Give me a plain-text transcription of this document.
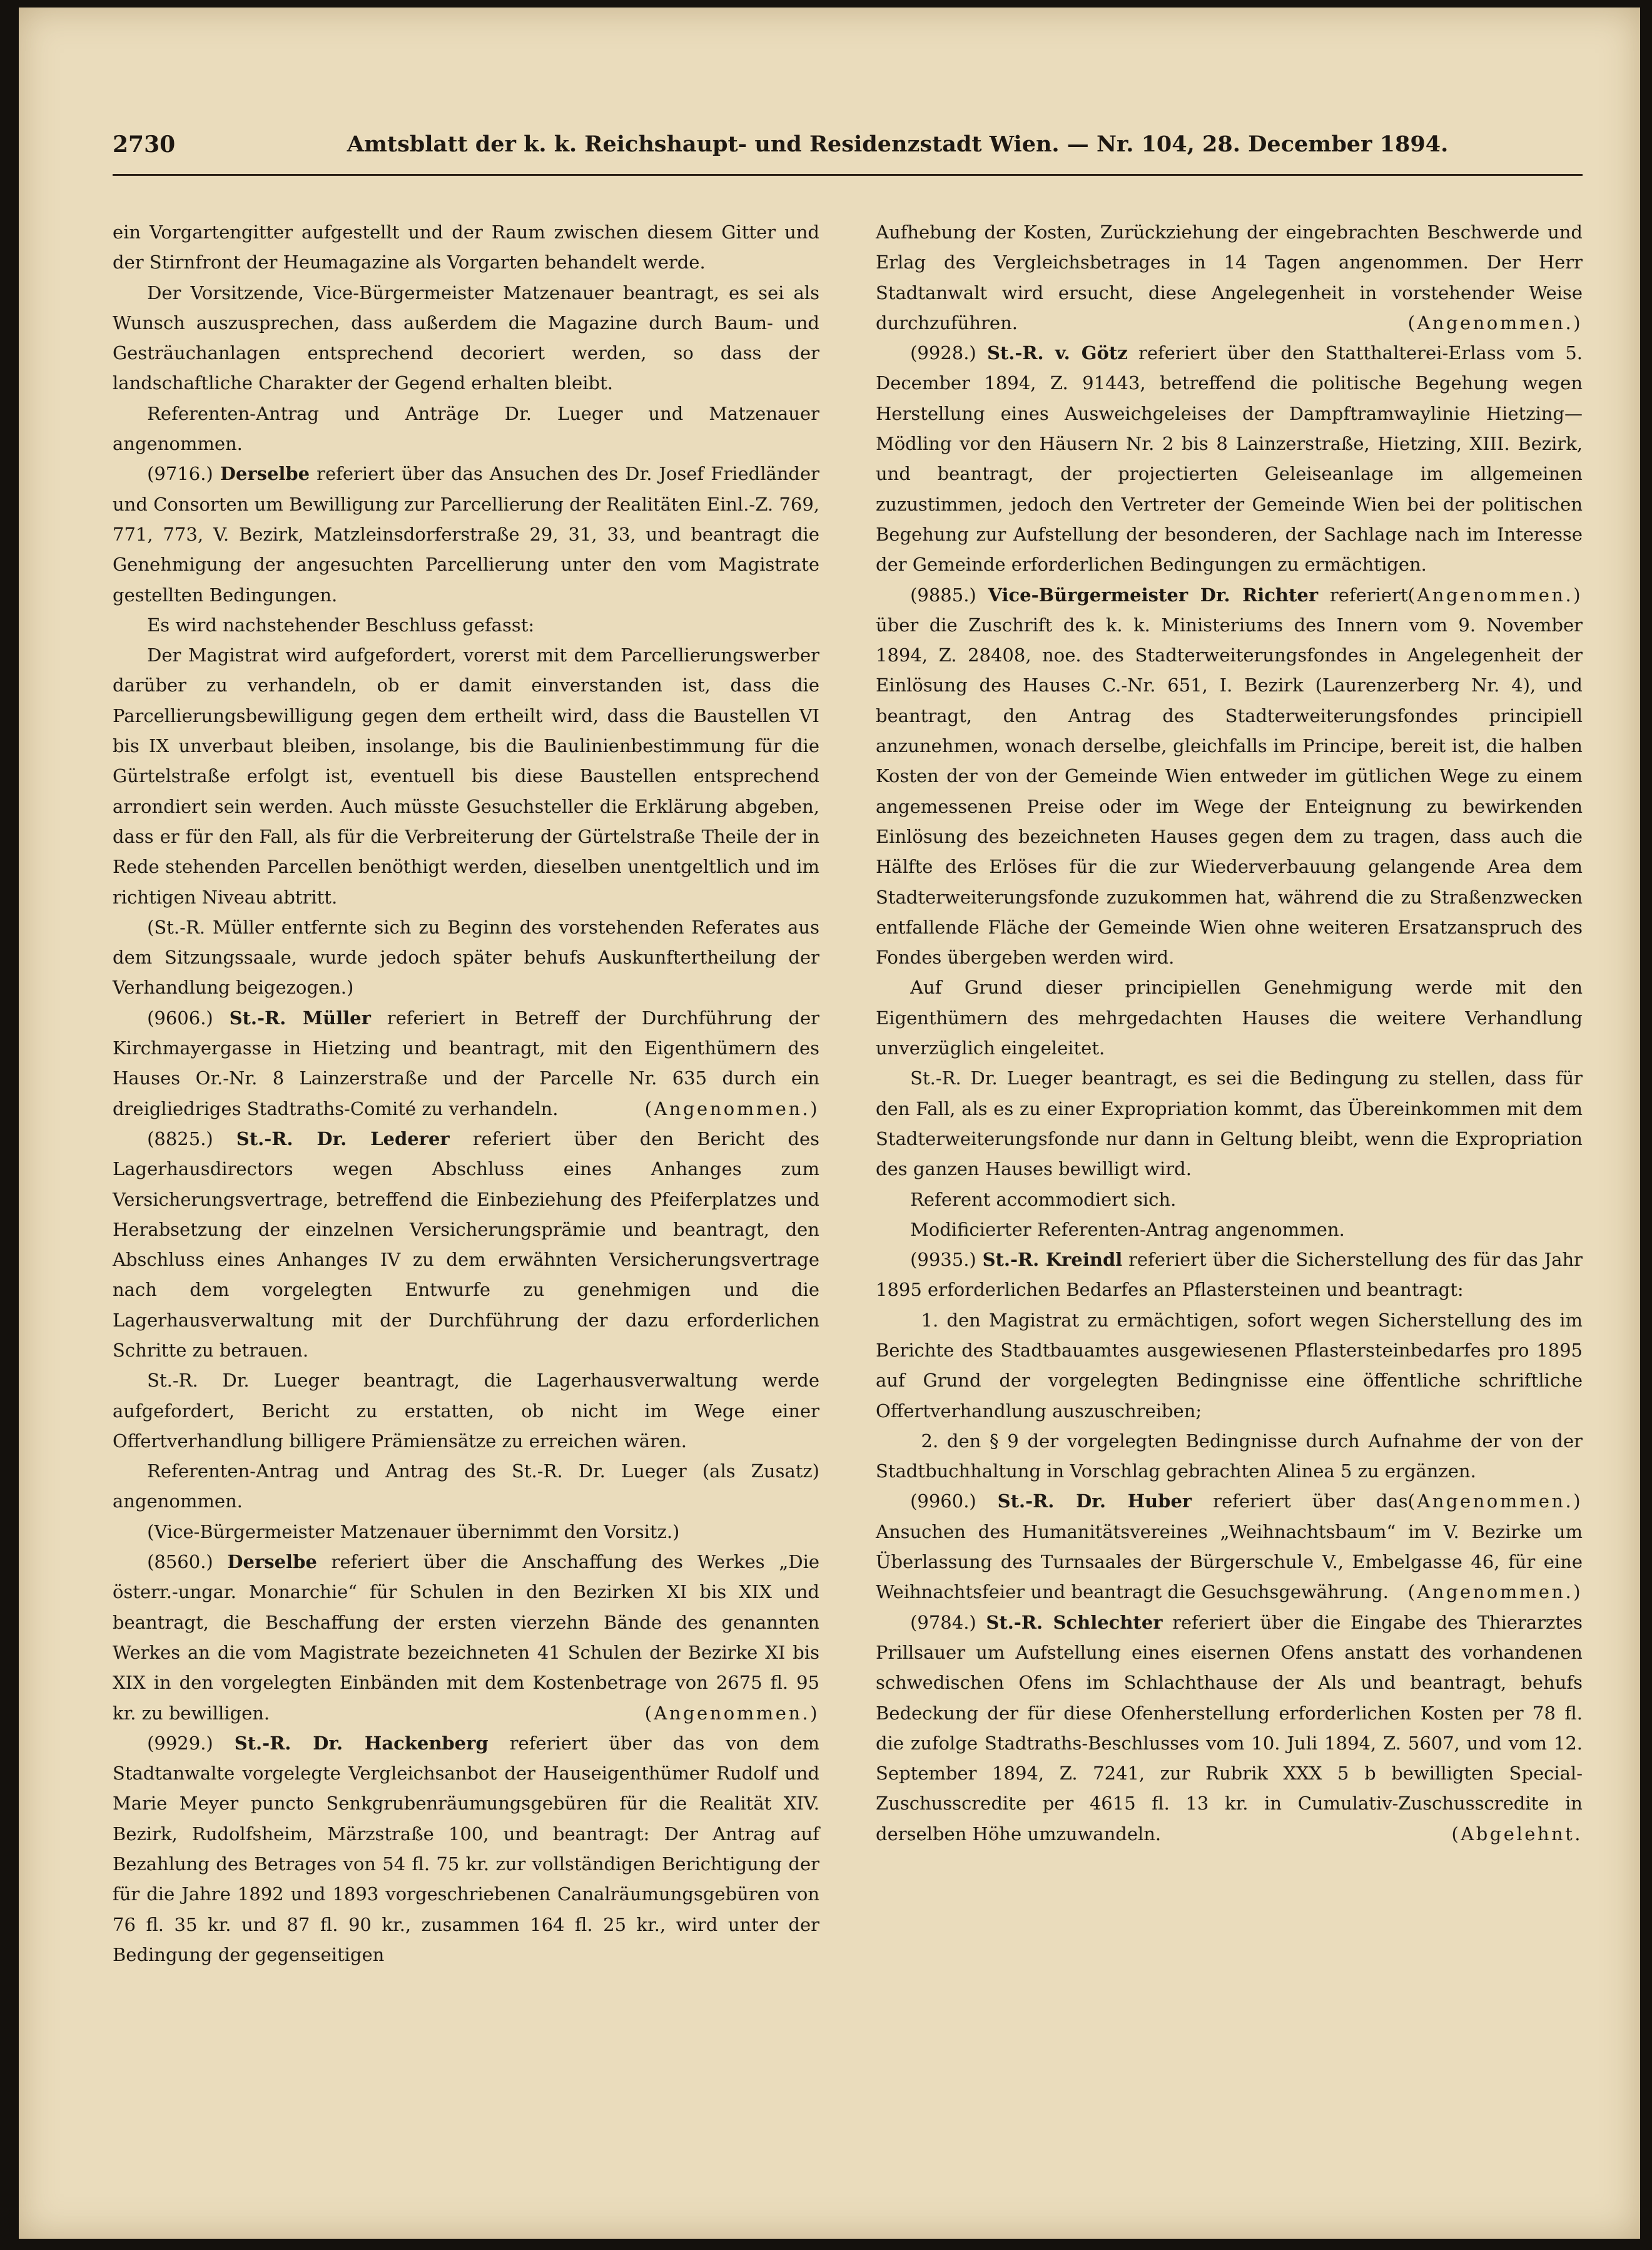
2730	Amtsblatt der k. k. Reichshaupt- und Residenzstadt Wien. — Nr. 104, 28. December 1894.

ein Vorgartengitter aufgestellt und der Raum zwischen diesem Gitter und der Stirnfront der Heumagazine als Vorgarten behandelt werde.

Der Vorsitzende, Vice-Bürgermeister Matzenauer beantragt, es sei als Wunsch auszusprechen, dass außerdem die Magazine durch Baum- und Gesträuchanlagen entsprechend decoriert werden, so dass der landschaftliche Charakter der Gegend erhalten bleibt.

Referenten-Antrag und Anträge Dr. Lueger und Matzenauer angenommen.

(9716.) Derselbe referiert über das Ansuchen des Dr. Josef Friedländer und Consorten um Bewilligung zur Parcellierung der Realitäten Einl.-Z. 769, 771, 773, V. Bezirk, Matzleinsdorferstraße 29, 31, 33, und beantragt die Genehmigung der angesuchten Parcellierung unter den vom Magistrate gestellten Bedingungen.

Es wird nachstehender Beschluss gefasst:

Der Magistrat wird aufgefordert, vorerst mit dem Parcellierungswerber darüber zu verhandeln, ob er damit einverstanden ist, dass die Parcellierungsbewilligung gegen dem ertheilt wird, dass die Baustellen VI bis IX unverbaut bleiben, insolange, bis die Baulinienbestimmung für die Gürtelstraße erfolgt ist, eventuell bis diese Baustellen entsprechend arrondiert sein werden. Auch müsste Gesuchsteller die Erklärung abgeben, dass er für den Fall, als für die Verbreiterung der Gürtelstraße Theile der in Rede stehenden Parcellen benöthigt werden, dieselben unentgeltlich und im richtigen Niveau abtritt.

(St.-R. Müller entfernte sich zu Beginn des vorstehenden Referates aus dem Sitzungssaale, wurde jedoch später behufs Auskunftertheilung der Verhandlung beigezogen.)

(9606.) St.-R. Müller referiert in Betreff der Durchführung der Kirchmayergasse in Hietzing und beantragt, mit den Eigenthümern des Hauses Or.-Nr. 8 Lainzerstraße und der Parcelle Nr. 635 durch ein dreigliedriges Stadtraths-Comité zu verhandeln.	(Angenommen.)

(8825.) St.-R. Dr. Lederer referiert über den Bericht des Lagerhausdirectors wegen Abschluss eines Anhanges zum Versicherungsvertrage, betreffend die Einbeziehung des Pfeiferplatzes und Herabsetzung der einzelnen Versicherungsprämie und beantragt, den Abschluss eines Anhanges IV zu dem erwähnten Versicherungsvertrage nach dem vorgelegten Entwurfe zu genehmigen und die Lagerhausverwaltung mit der Durchführung der dazu erforderlichen Schritte zu betrauen.

St.-R. Dr. Lueger beantragt, die Lagerhausverwaltung werde aufgefordert, Bericht zu erstatten, ob nicht im Wege einer Offertverhandlung billigere Prämiensätze zu erreichen wären.

Referenten-Antrag und Antrag des St.-R. Dr. Lueger (als Zusatz) angenommen.

(Vice-Bürgermeister Matzenauer übernimmt den Vorsitz.)

(8560.) Derselbe referiert über die Anschaffung des Werkes „Die österr.-ungar. Monarchie“ für Schulen in den Bezirken XI bis XIX und beantragt, die Beschaffung der ersten vierzehn Bände des genannten Werkes an die vom Magistrate bezeichneten 41 Schulen der Bezirke XI bis XIX in den vorgelegten Einbänden mit dem Kostenbetrage von 2675 fl. 95 kr. zu bewilligen.	(Angenommen.)

(9929.) St.-R. Dr. Hackenberg referiert über das von dem Stadtanwalte vorgelegte Vergleichsanbot der Hauseigenthümer Rudolf und Marie Meyer puncto Senkgrubenräumungsgebüren für die Realität XIV. Bezirk, Rudolfsheim, Märzstraße 100, und beantragt: Der Antrag auf Bezahlung des Betrages von 54 fl. 75 kr. zur vollständigen Berichtigung der für die Jahre 1892 und 1893 vorgeschriebenen Canalräumungsgebüren von 76 fl. 35 kr. und 87 fl. 90 kr., zusammen 164 fl. 25 kr., wird unter der Bedingung der gegenseitigen

Aufhebung der Kosten, Zurückziehung der eingebrachten Beschwerde und Erlag des Vergleichsbetrages in 14 Tagen angenommen. Der Herr Stadtanwalt wird ersucht, diese Angelegenheit in vorstehender Weise durchzuführen.	(Angenommen.)

(9928.) St.-R. v. Götz referiert über den Statthalterei-Erlass vom 5. December 1894, Z. 91443, betreffend die politische Begehung wegen Herstellung eines Ausweichgeleises der Dampftramwaylinie Hietzing—Mödling vor den Häusern Nr. 2 bis 8 Lainzerstraße, Hietzing, XIII. Bezirk, und beantragt, der projectierten Geleiseanlage im allgemeinen zuzustimmen, jedoch den Vertreter der Gemeinde Wien bei der politischen Begehung zur Aufstellung der besonderen, der Sachlage nach im Interesse der Gemeinde erforderlichen Bedingungen zu ermächtigen.
(Angenommen.)

(9885.) Vice-Bürgermeister Dr. Richter referiert über die Zuschrift des k. k. Ministeriums des Innern vom 9. November 1894, Z. 28408, noe. des Stadterweiterungsfondes in Angelegenheit der Einlösung des Hauses C.-Nr. 651, I. Bezirk (Laurenzerberg Nr. 4), und beantragt, den Antrag des Stadterweiterungsfondes principiell anzunehmen, wonach derselbe, gleichfalls im Principe, bereit ist, die halben Kosten der von der Gemeinde Wien entweder im gütlichen Wege zu einem angemessenen Preise oder im Wege der Enteignung zu bewirkenden Einlösung des bezeichneten Hauses gegen dem zu tragen, dass auch die Hälfte des Erlöses für die zur Wiederverbauung gelangende Area dem Stadterweiterungsfonde zuzukommen hat, während die zu Straßenzwecken entfallende Fläche der Gemeinde Wien ohne weiteren Ersatzanspruch des Fondes übergeben werden wird.

Auf Grund dieser principiellen Genehmigung werde mit den Eigenthümern des mehrgedachten Hauses die weitere Verhandlung unverzüglich eingeleitet.

St.-R. Dr. Lueger beantragt, es sei die Bedingung zu stellen, dass für den Fall, als es zu einer Expropriation kommt, das Übereinkommen mit dem Stadterweiterungsfonde nur dann in Geltung bleibt, wenn die Expropriation des ganzen Hauses bewilligt wird.

Referent accommodiert sich.

Modificierter Referenten-Antrag angenommen.

(9935.) St.-R. Kreindl referiert über die Sicherstellung des für das Jahr 1895 erforderlichen Bedarfes an Pflastersteinen und beantragt:

1. den Magistrat zu ermächtigen, sofort wegen Sicherstellung des im Berichte des Stadtbauamtes ausgewiesenen Pflastersteinbedarfes pro 1895 auf Grund der vorgelegten Bedingnisse eine öffentliche schriftliche Offertverhandlung auszuschreiben;

2. den § 9 der vorgelegten Bedingnisse durch Aufnahme der von der Stadtbuchhaltung in Vorschlag gebrachten Alinea 5 zu ergänzen.
(Angenommen.)

(9960.) St.-R. Dr. Huber referiert über das Ansuchen des Humanitätsvereines „Weihnachtsbaum“ im V. Bezirke um Überlassung des Turnsaales der Bürgerschule V., Embelgasse 46, für eine Weihnachtsfeier und beantragt die Gesuchsgewährung. (Angenommen.)

(9784.) St.-R. Schlechter referiert über die Eingabe des Thierarztes Prillsauer um Aufstellung eines eisernen Ofens anstatt des vorhandenen schwedischen Ofens im Schlachthause der Als und beantragt, behufs Bedeckung der für diese Ofenherstellung erforderlichen Kosten per 78 fl. die zufolge Stadtraths-Beschlusses vom 10. Juli 1894, Z. 5607, und vom 12. September 1894, Z. 7241, zur Rubrik XXX 5 b bewilligten Special-Zuschusscredite per 4615 fl. 13 kr. in Cumulativ-Zuschusscredite in derselben Höhe umzuwandeln.	(Abgelehnt.
